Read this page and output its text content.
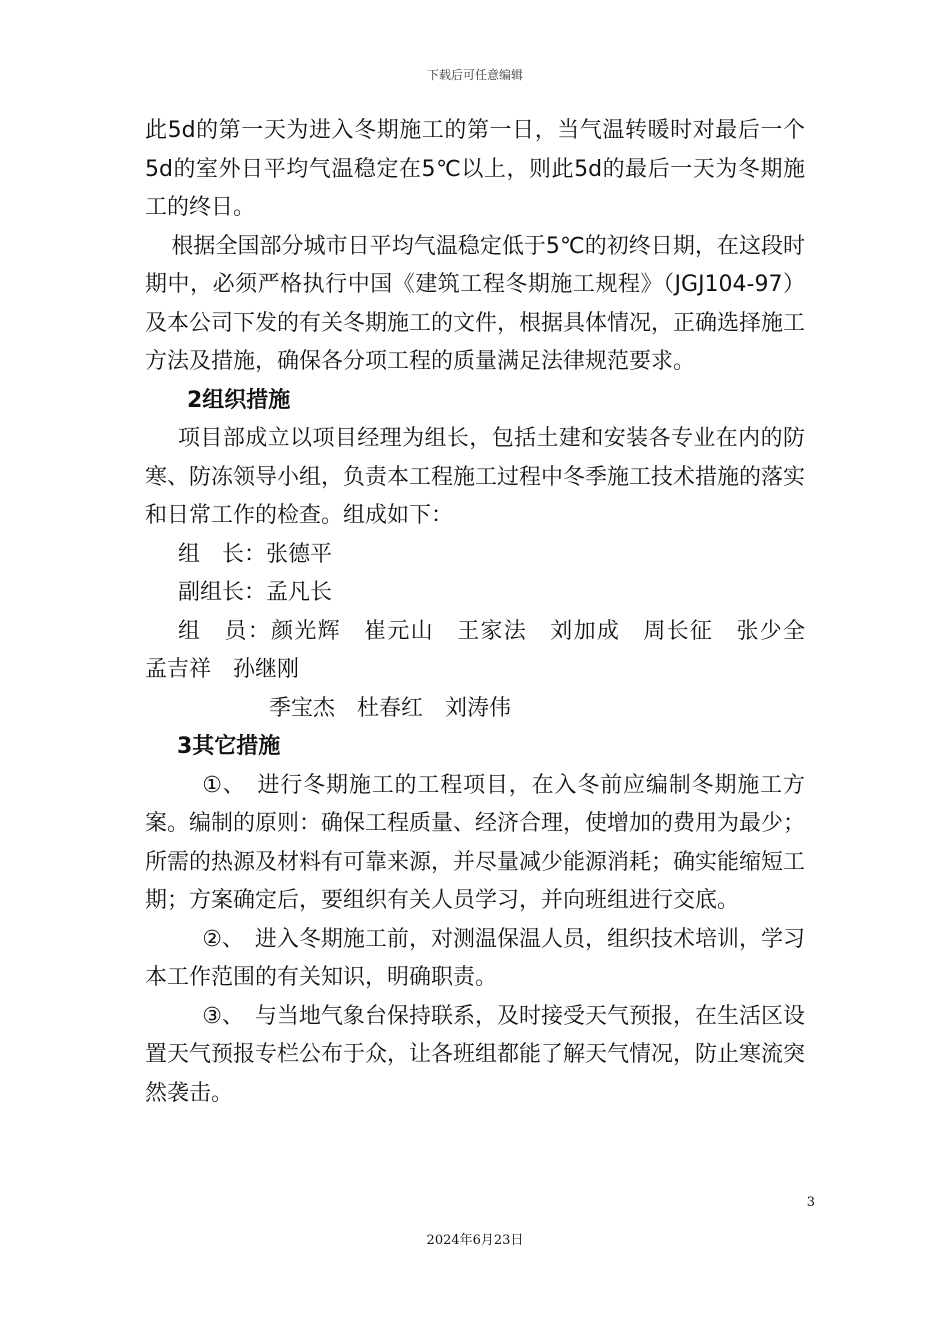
下载后可任意编辑

此5d的第一天为进入冬期施工的第一日，当气温转暖时对最后一个5d的室外日平均气温稳定在5℃以上，则此5d的最后一天为冬期施工的终日。

根据全国部分城市日平均气温稳定低于5℃的初终日期，在这段时期中，必须严格执行中国《建筑工程冬期施工规程》（JGJ104-97）及本公司下发的有关冬期施工的文件，根据具体情况，正确选择施工方法及措施，确保各分项工程的质量满足法律规范要求。

2组织措施

项目部成立以项目经理为组长，包括土建和安装各专业在内的防寒、防冻领导小组，负责本工程施工过程中冬季施工技术措施的落实和日常工作的检查。组成如下：

组　长：张德平

副组长：孟凡长

组　员：颜光辉　崔元山　王家法　刘加成　周长征　张少全　孟吉祥　孙继刚

季宝杰　杜春红　刘涛伟

3其它措施

①、　进行冬期施工的工程项目，在入冬前应编制冬期施工方案。编制的原则：确保工程质量、经济合理，使增加的费用为最少；所需的热源及材料有可靠来源，并尽量减少能源消耗；确实能缩短工期；方案确定后，要组织有关人员学习，并向班组进行交底。

②、　进入冬期施工前，对测温保温人员，组织技术培训，学习本工作范围的有关知识，明确职责。

③、　与当地气象台保持联系，及时接受天气预报，在生活区设置天气预报专栏公布于众，让各班组都能了解天气情况，防止寒流突然袭击。

3
2024年6月23日
